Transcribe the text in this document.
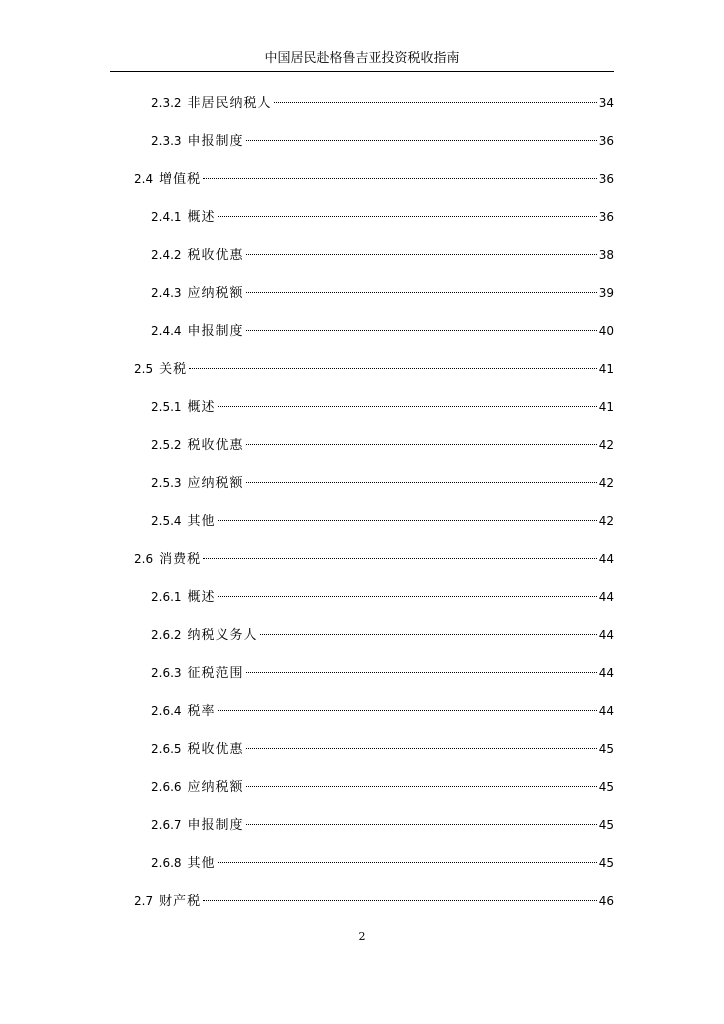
中国居民赴格鲁吉亚投资税收指南
2.3.2 非居民纳税人	34
2.3.3 申报制度	36
2.4 增值税	36
2.4.1 概述	36
2.4.2 税收优惠	38
2.4.3 应纳税额	39
2.4.4 申报制度	40
2.5 关税	41
2.5.1 概述	41
2.5.2 税收优惠	42
2.5.3 应纳税额	42
2.5.4 其他	42
2.6 消费税	44
2.6.1 概述	44
2.6.2 纳税义务人	44
2.6.3 征税范围	44
2.6.4 税率	44
2.6.5 税收优惠	45
2.6.6 应纳税额	45
2.6.7 申报制度	45
2.6.8 其他	45
2.7 财产税	46
2
